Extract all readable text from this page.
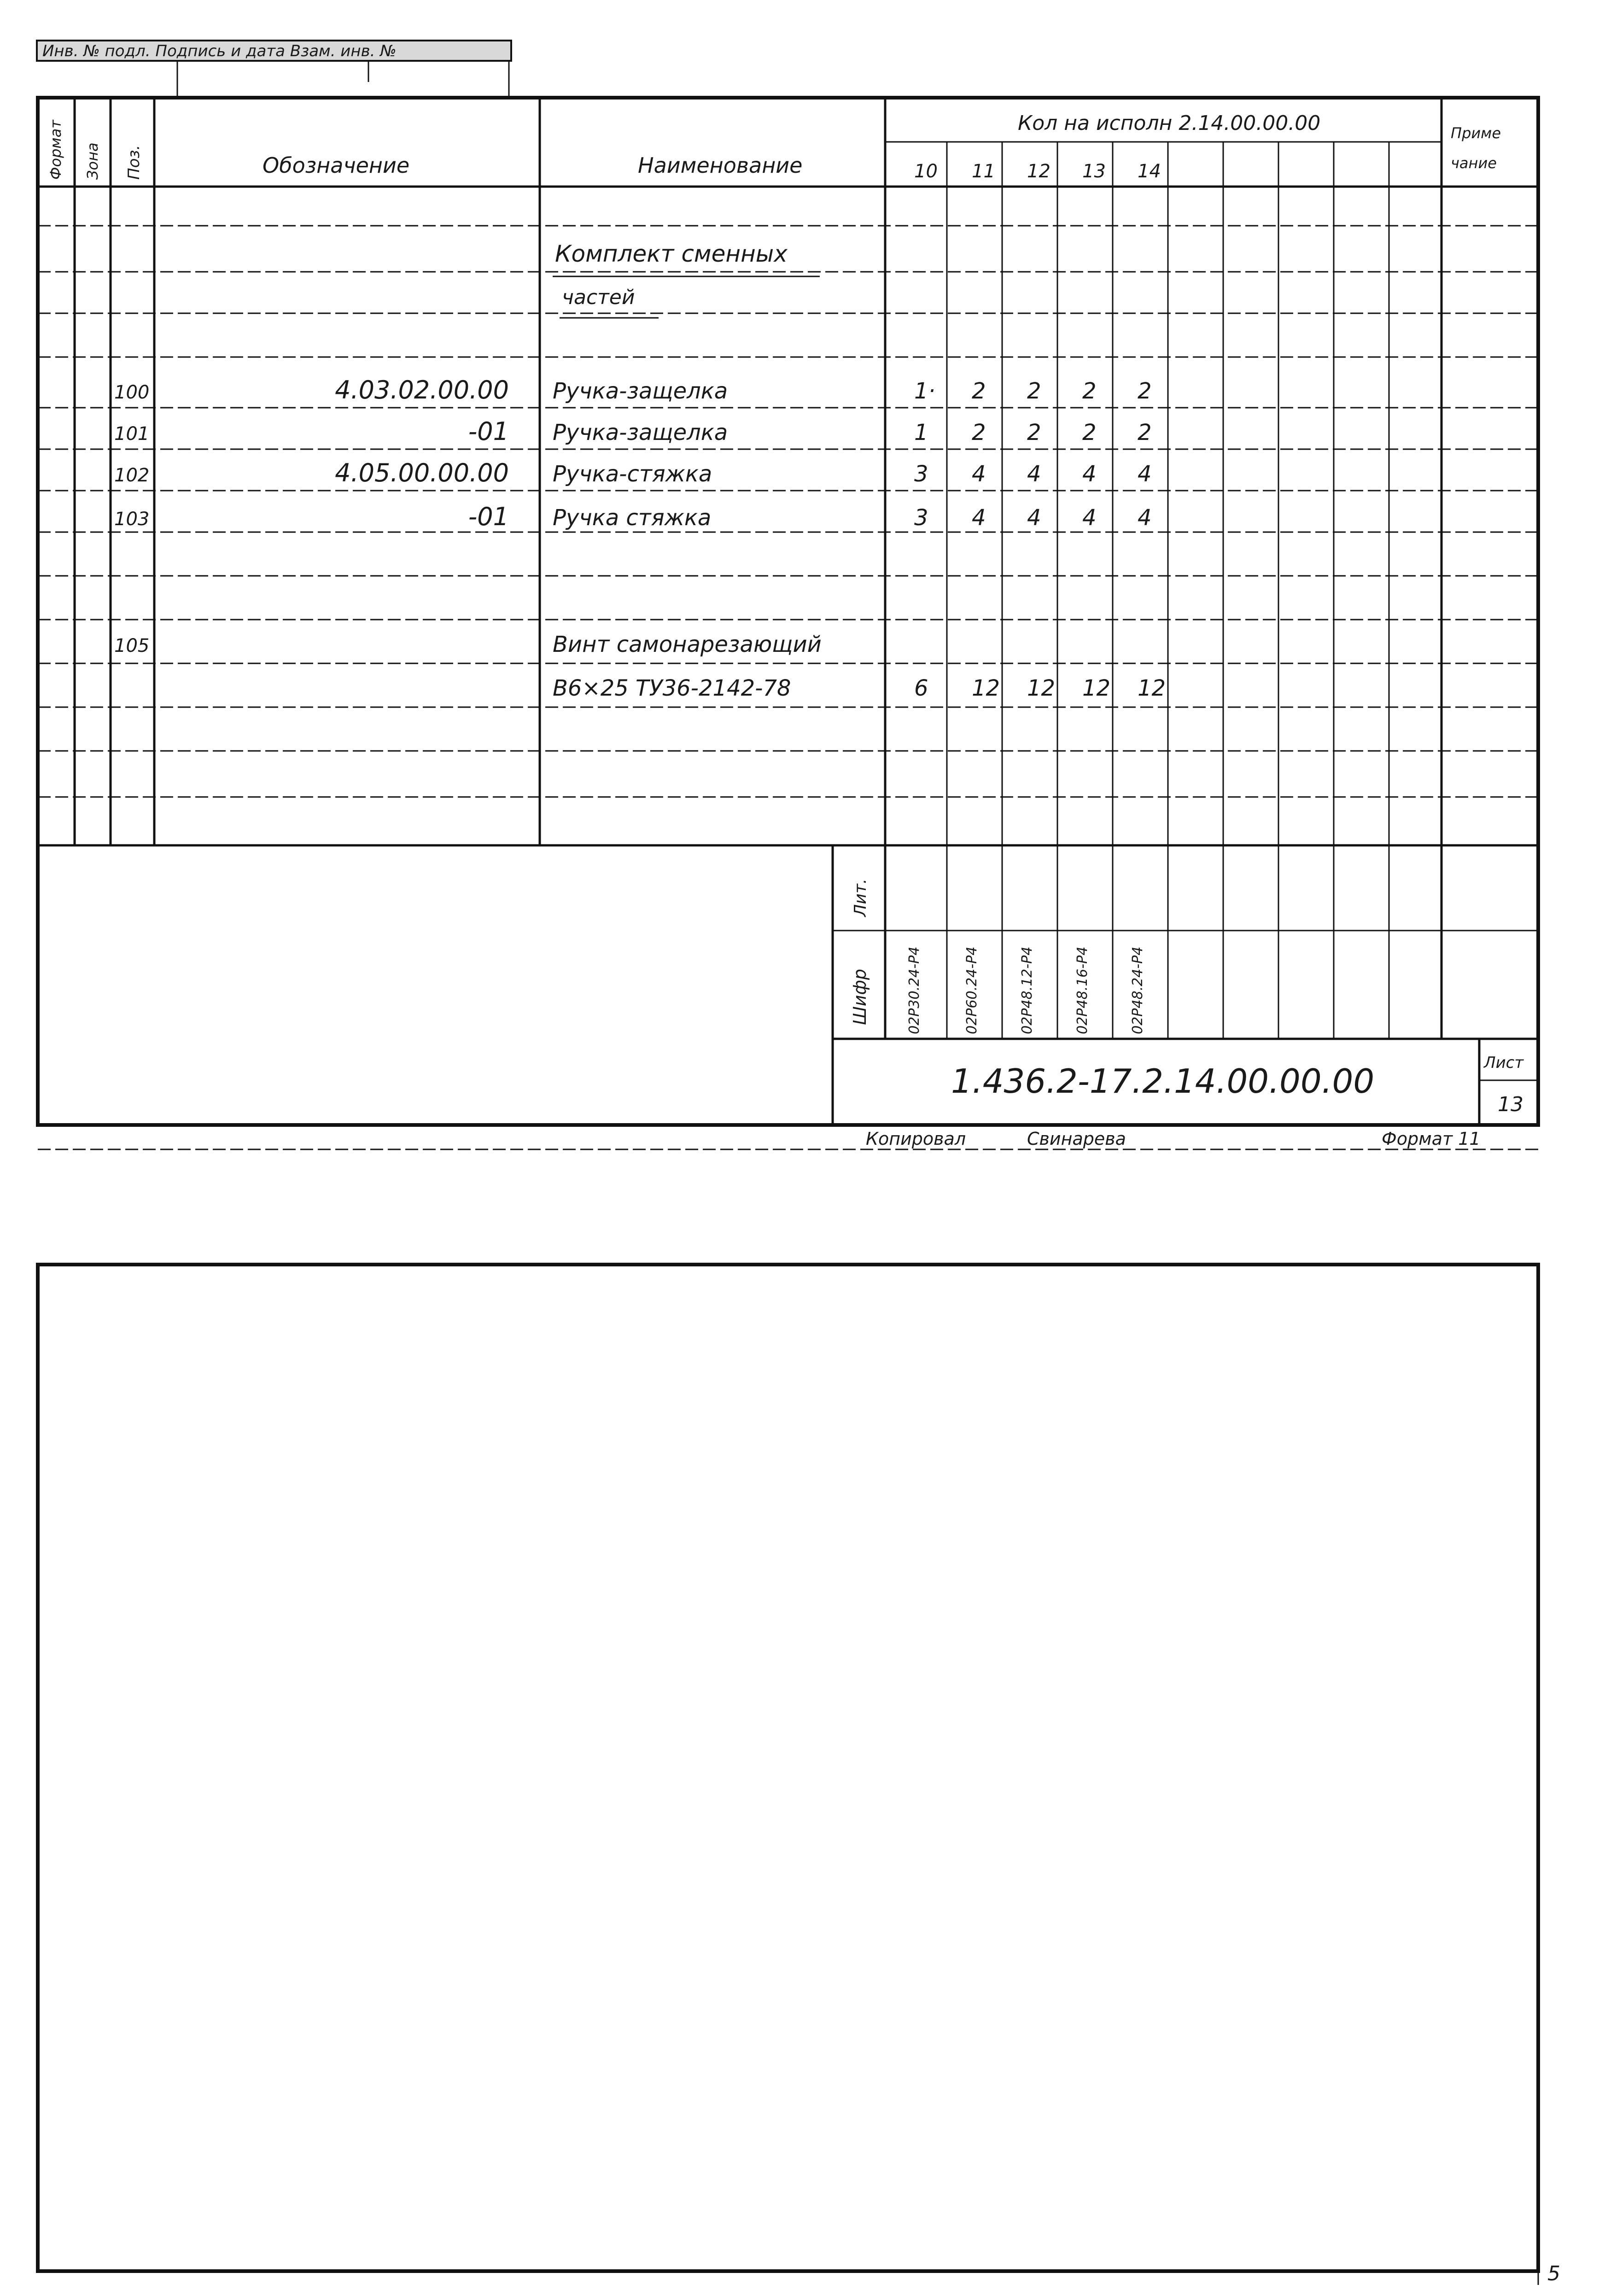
Инв. № подл. Подпись и дата Взам. инв. №
Формат Зона Поз.	Обозначение	Наименование
Кол на исполн 2.14.00.00.00	Приме
чание
10 11 12 13 14
Комплект сменных
частей
100	4.03.02.00.00 Ручка-защелка	1· 2 2 2 2
101	-01 Ручка-защелка	1 2 2 2 2
102	4.05.00.00.00 Ручка-стяжка	3 4 4 4 4
103	-01 Ручка стяжка	3 4 4 4 4
105	Винт самонарезающий
В6×25 ТУ36-2142-78	6 12 12 12 12
Лит.
Шифр	02Р30.24-Р4	02Р60.24-Р4	02Р48.12-Р4	02Р48.16-Р4	02Р48.24-Р4
1.436.2-17.2.14.00.00.00	Лист
13
Копировал	Свинарева	Формат 11
5
